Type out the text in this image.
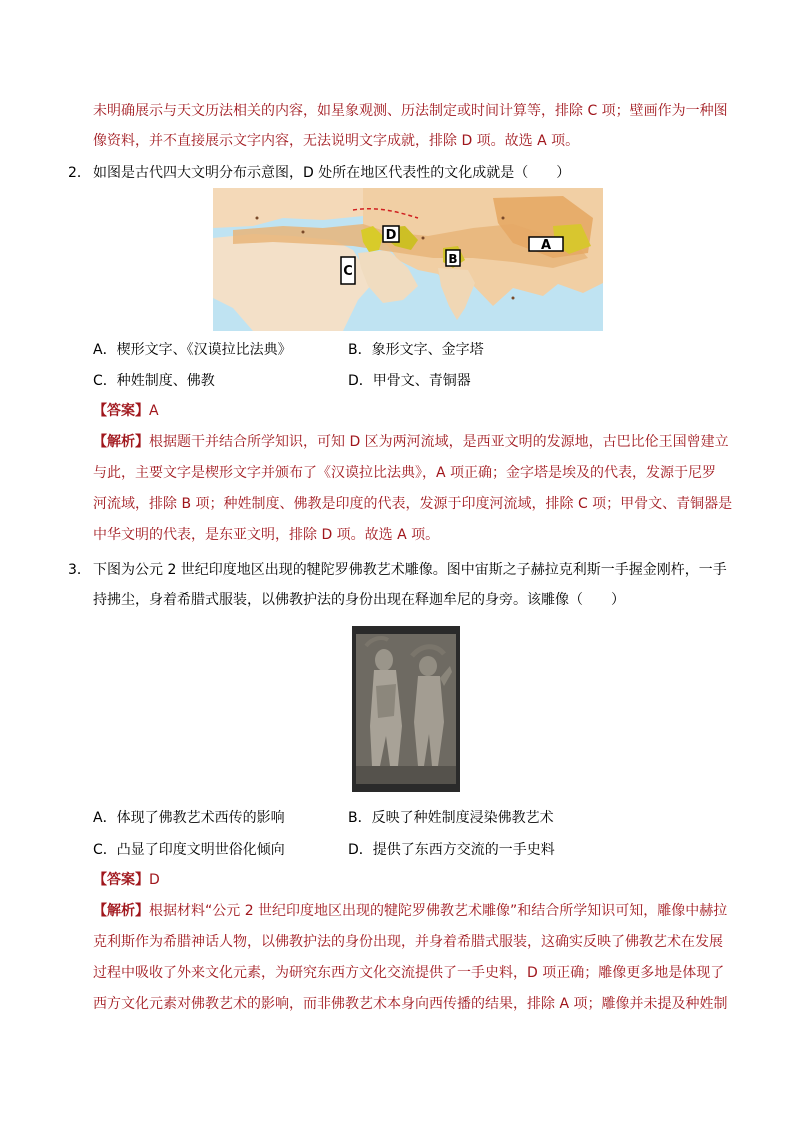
未明确展示与天文历法相关的内容，如星象观测、历法制定或时间计算等，排除 C 项；壁画作为一种图
像资料，并不直接展示文字内容，无法说明文字成就，排除 D 项。故选 A 项。
2． 如图是古代四大文明分布示意图，D 处所在地区代表性的文化成就是（　　）
D
B
C
A
A．楔形文字、《汉谟拉比法典》	B．象形文字、金字塔
C．种姓制度、佛教	D．甲骨文、青铜器
【答案】A
【解析】根据题干并结合所学知识，可知 D 区为两河流域，是西亚文明的发源地，古巴比伦王国曾建立
与此，主要文字是楔形文字并颁布了《汉谟拉比法典》，A 项正确；金字塔是埃及的代表，发源于尼罗
河流域，排除 B 项；种姓制度、佛教是印度的代表，发源于印度河流域，排除 C 项；甲骨文、青铜器是
中华文明的代表，是东亚文明，排除 D 项。故选 A 项。
3． 下图为公元 2 世纪印度地区出现的犍陀罗佛教艺术雕像。图中宙斯之子赫拉克利斯一手握金刚杵，一手
持拂尘，身着希腊式服装，以佛教护法的身份出现在释迦牟尼的身旁。该雕像（　　）
A．体现了佛教艺术西传的影响	B．反映了种姓制度浸染佛教艺术
C．凸显了印度文明世俗化倾向	D．提供了东西方交流的一手史料
【答案】D
【解析】根据材料“公元 2 世纪印度地区出现的犍陀罗佛教艺术雕像”和结合所学知识可知，雕像中赫拉
克利斯作为希腊神话人物，以佛教护法的身份出现，并身着希腊式服装，这确实反映了佛教艺术在发展
过程中吸收了外来文化元素，为研究东西方文化交流提供了一手史料，D 项正确；雕像更多地是体现了
西方文化元素对佛教艺术的影响，而非佛教艺术本身向西传播的结果，排除 A 项；雕像并未提及种姓制
